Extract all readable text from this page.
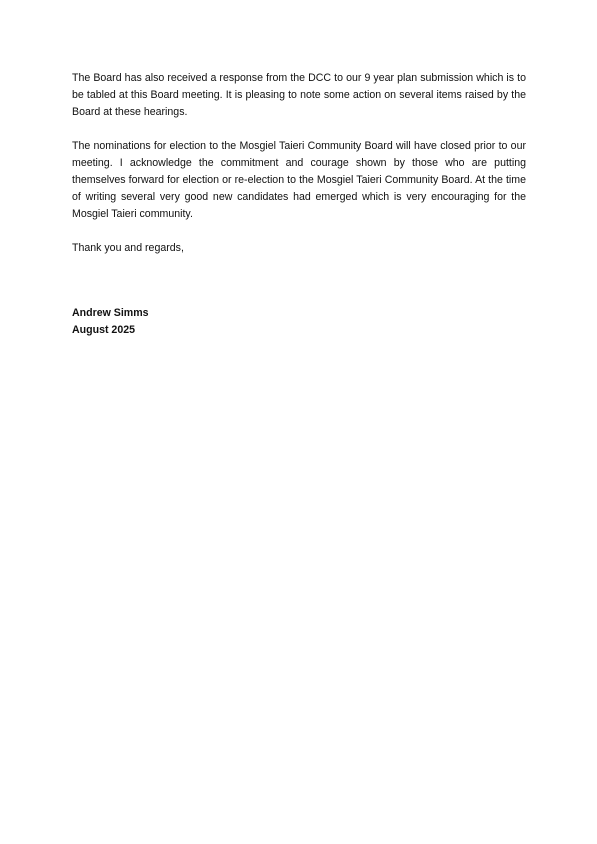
The Board has also received a response from the DCC to our 9 year plan submission which is to be tabled at this Board meeting. It is pleasing to note some action on several items raised by the Board at these hearings.

The nominations for election to the Mosgiel Taieri Community Board will have closed prior to our meeting. I acknowledge the commitment and courage shown by those who are putting themselves forward for election or re-election to the Mosgiel Taieri Community Board. At the time of writing several very good new candidates had emerged which is very encouraging for the Mosgiel Taieri community.

Thank you and regards,

Andrew Simms
August 2025
